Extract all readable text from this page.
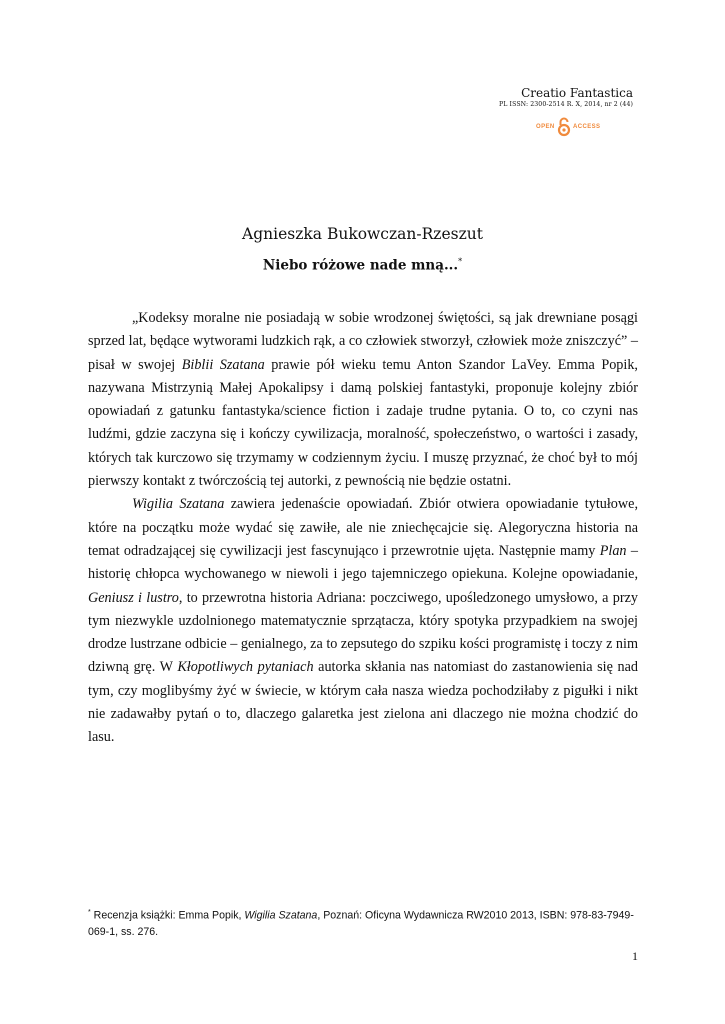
Creatio Fantastica
PL ISSN: 2300-2514 R. X, 2014, nr 2 (44)
OPEN	ACCESS
Agnieszka Bukowczan-Rzeszut
Niebo różowe nade mną...*

„Kodeksy moralne nie posiadają w sobie wrodzonej świętości, są jak drewniane posągi sprzed lat, będące wytworami ludzkich rąk, a co człowiek stworzył, człowiek może zniszczyć” – pisał w swojej Biblii Szatana prawie pół wieku temu Anton Szandor LaVey. Emma Popik, nazywana Mistrzynią Małej Apokalipsy i damą polskiej fantastyki, proponuje kolejny zbiór opowiadań z gatunku fantastyka/science fiction i zadaje trudne pytania. O to, co czyni nas ludźmi, gdzie zaczyna się i kończy cywilizacja, moralność, społeczeństwo, o wartości i zasady, których tak kurczowo się trzymamy w codziennym życiu. I muszę przyznać, że choć był to mój pierwszy kontakt z twórczością tej autorki, z pewnością nie będzie ostatni.

Wigilia Szatana zawiera jedenaście opowiadań. Zbiór otwiera opowiadanie tytułowe, które na początku może wydać się zawiłe, ale nie zniechęcajcie się. Alegoryczna historia na temat odradzającej się cywilizacji jest fascynująco i przewrotnie ujęta. Następnie mamy Plan – historię chłopca wychowanego w niewoli i jego tajemniczego opiekuna. Kolejne opowiadanie, Geniusz i lustro, to przewrotna historia Adriana: poczciwego, upośledzonego umysłowo, a przy tym niezwykle uzdolnionego matematycznie sprzątacza, który spotyka przypadkiem na swojej drodze lustrzane odbicie – genialnego, za to zepsutego do szpiku kości programistę i toczy z nim dziwną grę. W Kłopotliwych pytaniach autorka skłania nas natomiast do zastanowienia się nad tym, czy moglibyśmy żyć w świecie, w którym cała nasza wiedza pochodziłaby z pigułki i nikt nie zadawałby pytań o to, dlaczego galaretka jest zielona ani dlaczego nie można chodzić do lasu.

* Recenzja książki: Emma Popik, Wigilia Szatana, Poznań: Oficyna Wydawnicza RW2010 2013, ISBN: 978-83-7949-069-1, ss. 276.
1
